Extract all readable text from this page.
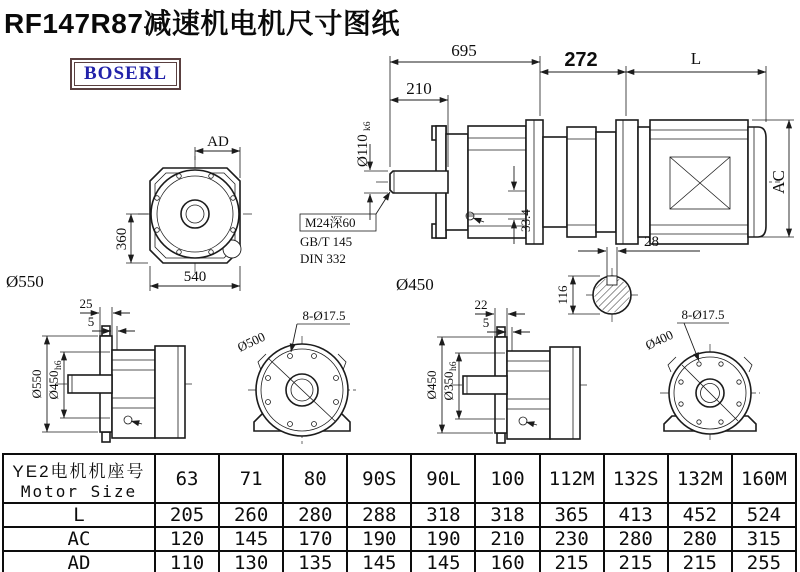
RF147R87减速机电机尺寸图纸
BOSERL
AD
360
540
Ø550
695
210
Ø110
k6
M24深60
GB/T 145
DIN 332
33.4
Ø450
272	L
AC
28
116
25
5
Ø550 Ø450
h6
8-Ø17.5
Ø500
22
5
Ø450 Ø350
h6
8-Ø17.5
Ø400
YE2电机机座号
Motor Size	63	71	80	90S	90L	100	112M	132S	132M	160M
L	205	260	280	288	318	318	365	413	452	524
AC	120	145	170	190	190	210	230	280	280	315
AD	110	130	135	145	145	160	215	215	215	255
